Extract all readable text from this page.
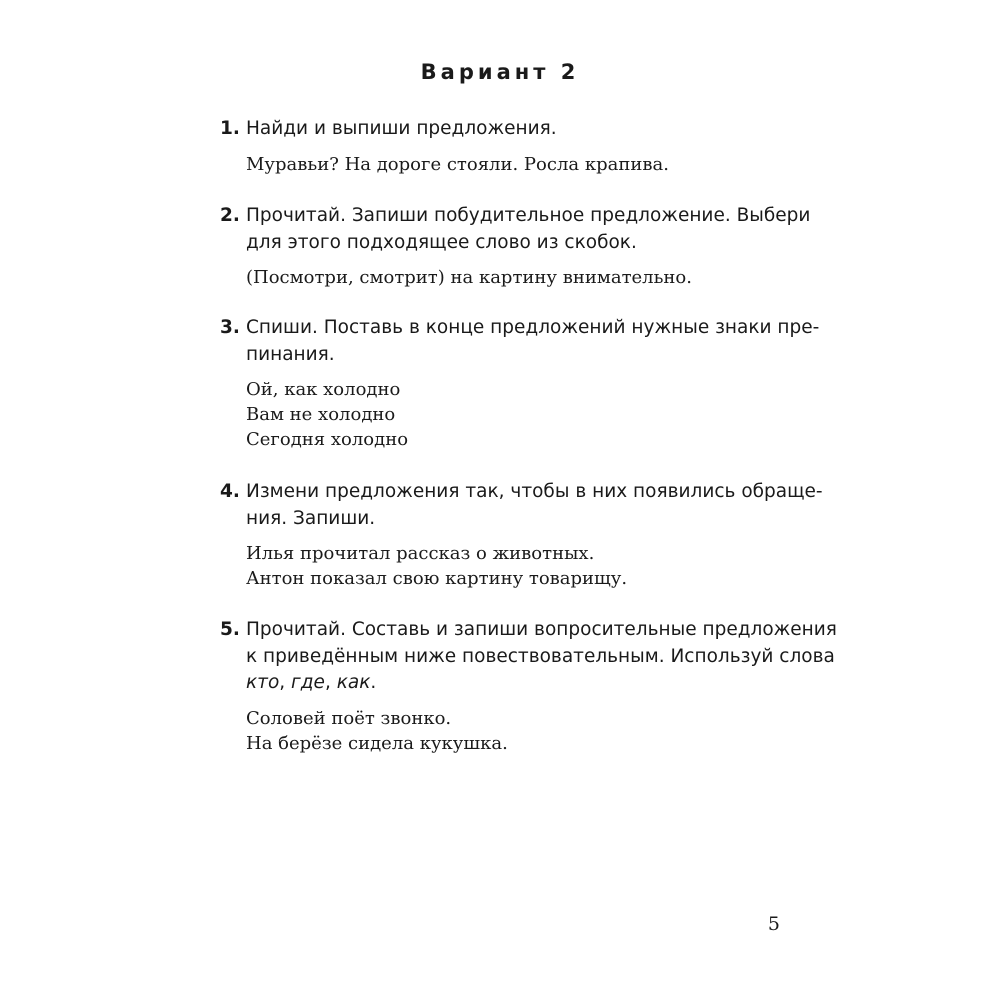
Вариант 2
1. Найди и выпиши предложения.
Муравьи? На дороге стояли. Росла крапива.
2. Прочитай. Запиши побудительное предложение. Выбери
для этого подходящее слово из скобок.
(Посмотри, смотрит) на картину внимательно.
3. Спиши. Поставь в конце предложений нужные знаки пре-
пинания.
Ой, как холодно
Вам не холодно
Сегодня холодно
4. Измени предложения так, чтобы в них появились обраще-
ния. Запиши.
Илья прочитал рассказ о животных.
Антон показал свою картину товарищу.
5. Прочитай. Составь и запиши вопросительные предложения
к приведённым ниже повествовательным. Используй слова
кто, где, как.
Соловей поёт звонко.
На берёзе сидела кукушка.
5
